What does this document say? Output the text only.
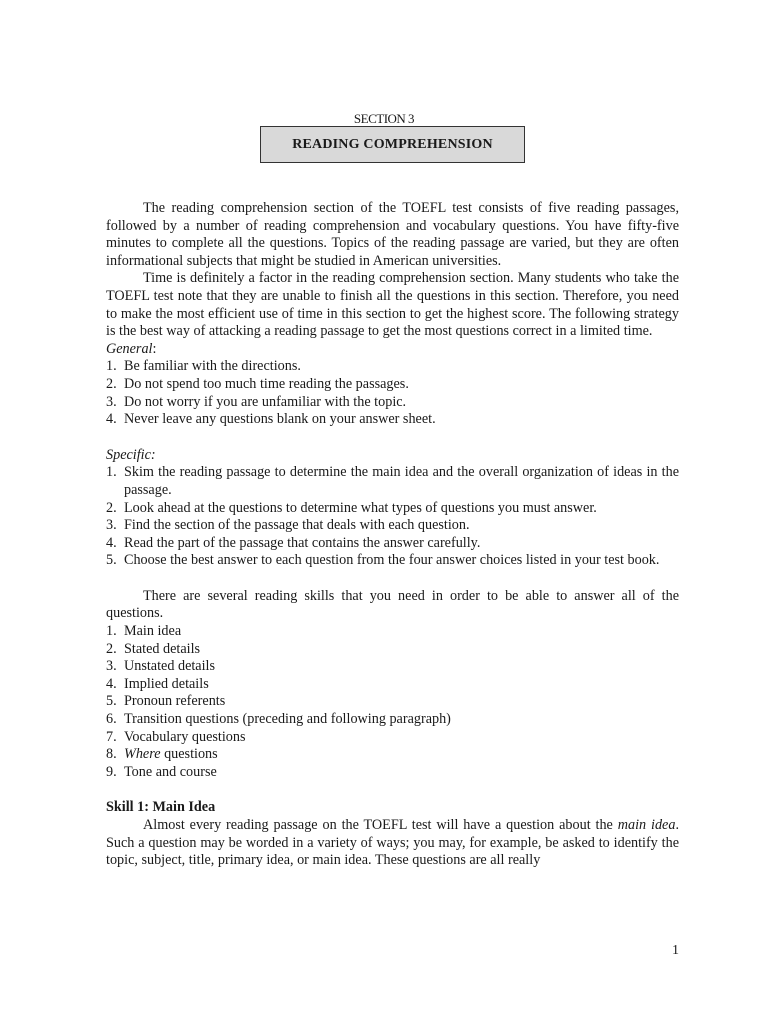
SECTION 3
READING COMPREHENSION

The reading comprehension section of the TOEFL test consists of five reading passages, followed by a number of reading comprehension and vocabulary questions. You have fifty-five minutes to complete all the questions. Topics of the reading passage are varied, but they are often informational subjects that might be studied in American universities.

Time is definitely a factor in the reading comprehension section. Many students who take the TOEFL test note that they are unable to finish all the questions in this section. Therefore, you need to make the most efficient use of time in this section to get the highest score. The following strategy is the best way of attacking a reading passage to get the most questions correct in a limited time.

General:

1. Be familiar with the directions.
2. Do not spend too much time reading the passages.
3. Do not worry if you are unfamiliar with the topic.
4. Never leave any questions blank on your answer sheet.

Specific:

1. Skim the reading passage to determine the main idea and the overall organization of ideas in the passage.
2. Look ahead at the questions to determine what types of questions you must answer.
3. Find the section of the passage that deals with each question.
4. Read the part of the passage that contains the answer carefully.
5. Choose the best answer to each question from the four answer choices listed in your test book.

There are several reading skills that you need in order to be able to answer all of the questions.

1. Main idea
2. Stated details
3. Unstated details
4. Implied details
5. Pronoun referents
6. Transition questions (preceding and following paragraph)
7. Vocabulary questions
8. Where questions
9. Tone and course

Skill 1: Main Idea

Almost every reading passage on the TOEFL test will have a question about the main idea. Such a question may be worded in a variety of ways; you may, for example, be asked to identify the topic, subject, title, primary idea, or main idea. These questions are all really

1
